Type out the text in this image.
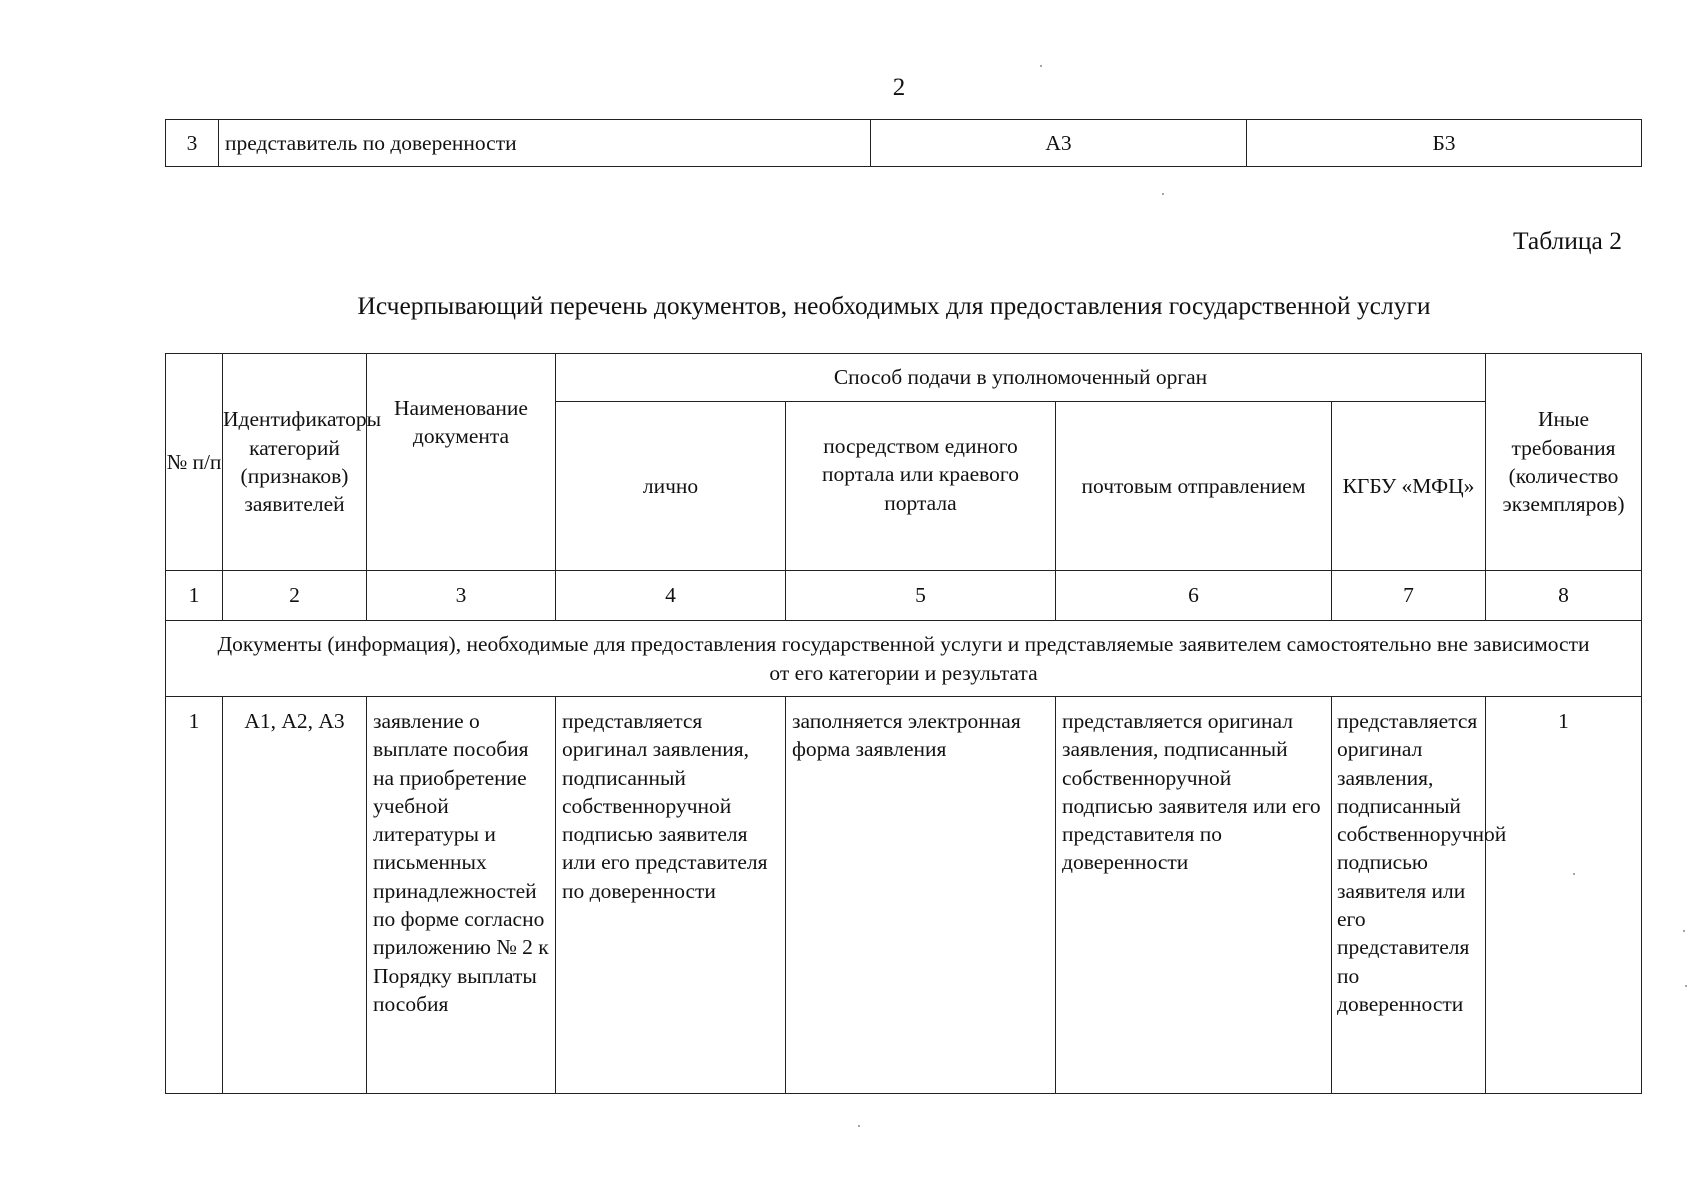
2
3	представитель по доверенности	А3	Б3
Таблица 2
Исчерпывающий перечень документов, необходимых для предоставления государственной услуги
№ п/п	Идентификаторы категорий (признаков) заявителей	Наименование документа	Способ подачи в уполномоченный орган				Иные требования (количество экземпляров)
			лично	посредством единого портала или краевого портала	почтовым отправлением	КГБУ «МФЦ»	
1	2	3	4	5	6	7	8
Документы (информация), необходимые для предоставления государственной услуги и представляемые заявителем самостоятельно вне зависимости от его категории и результата							
1	А1, А2, А3	заявление о выплате пособия на приобретение учебной литературы и письменных принадлежностей по форме согласно приложению № 2 к Порядку выплаты пособия	представляется оригинал заявления, подписанный собственноручной подписью заявителя или его представителя по доверенности	заполняется электронная форма заявления	представляется оригинал заявления, подписанный собственноручной подписью заявителя или его представителя по доверенности	представляется оригинал заявления, подписанный собственноручной подписью заявителя или его представителя по доверенности	1
